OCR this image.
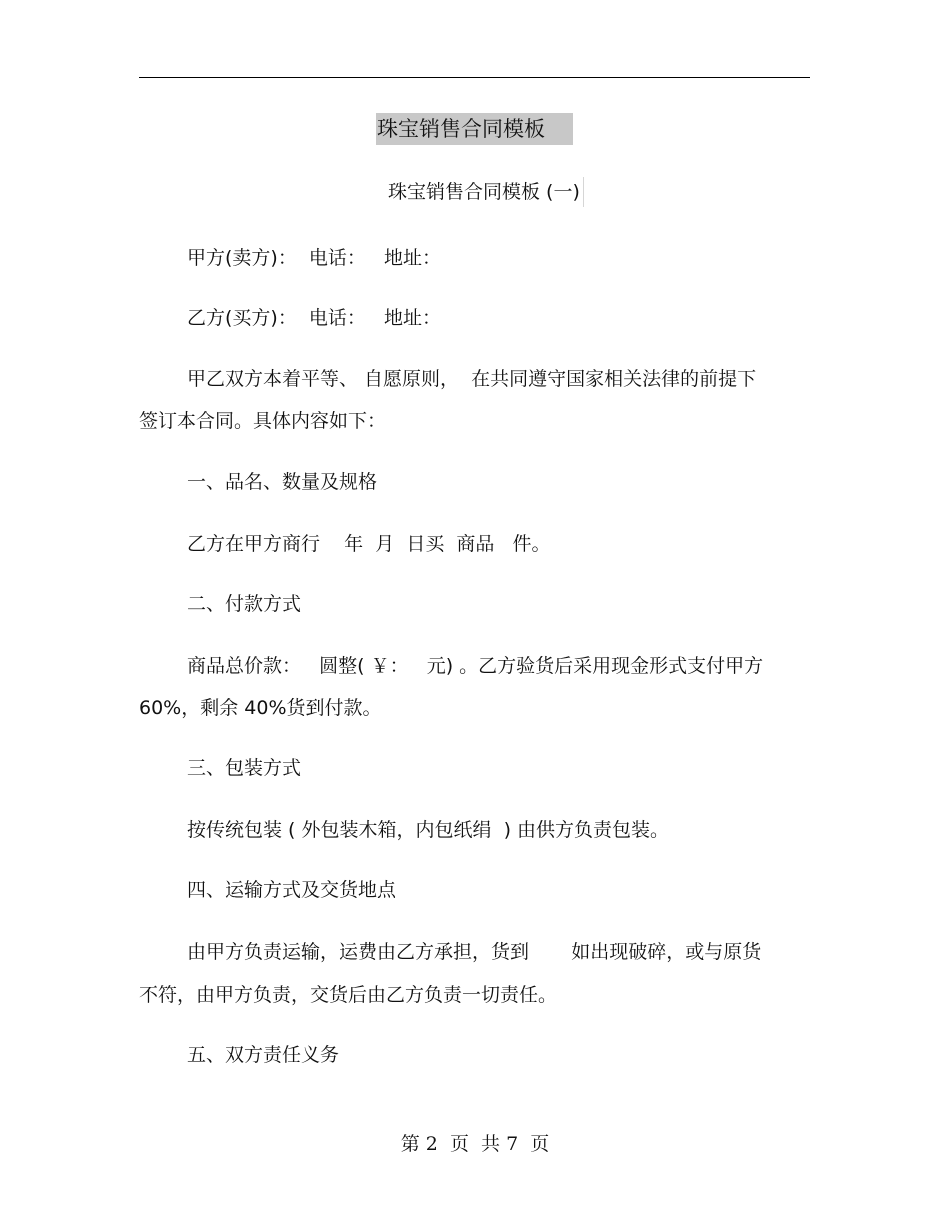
珠宝销售合同模板
珠宝销售合同模板 (一)

甲方(卖方)：  电话：   地址：

乙方(买方)：  电话：   地址：

甲乙双方本着平等、 自愿原则，  在共同遵守国家相关法律的前提下

签订本合同。具体内容如下：

一、品名、数量及规格

乙方在甲方商行    年  月  日买  商品   件。

二、付款方式

商品总价款：   圆整( ￥：   元) 。乙方验货后采用现金形式支付甲方

60%，剩余 40%货到付款。

三、包装方式

按传统包装 ( 外包装木箱，内包纸绢  ) 由供方负责包装。

四、运输方式及交货地点

由甲方负责运输，运费由乙方承担，货到       如出现破碎，或与原货

不符，由甲方负责，交货后由乙方负责一切责任。

五、双方责任义务

第 2  页  共 7  页
